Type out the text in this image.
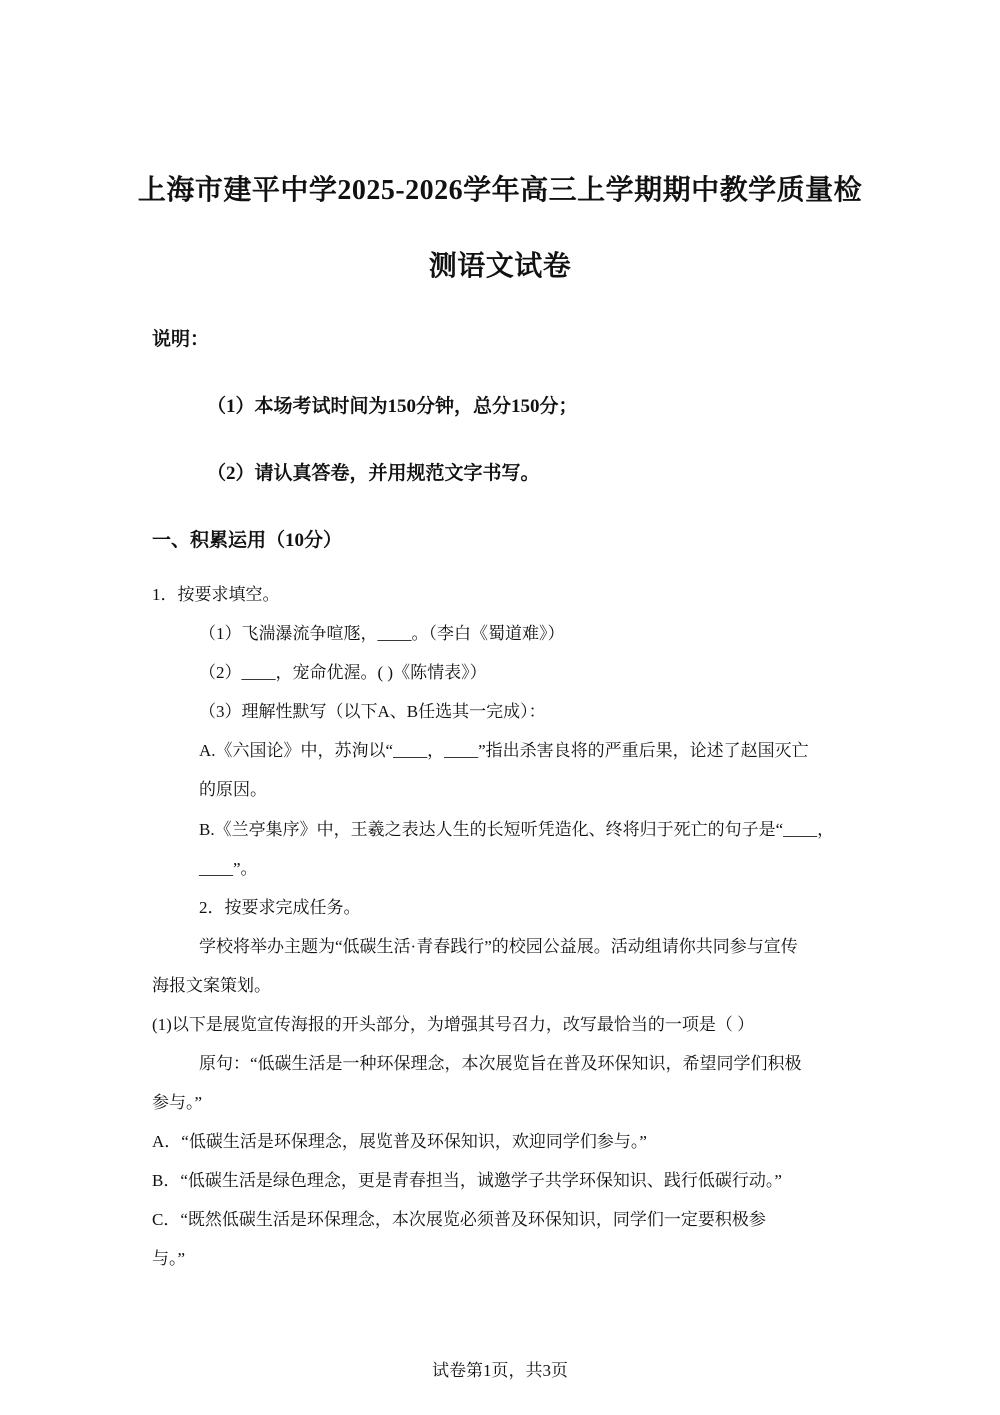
上海市建平中学2025-2026学年高三上学期期中教学质量检
测语文试卷
说明：
（1）本场考试时间为150分钟，总分150分；
（2）请认真答卷，并用规范文字书写。
一、积累运用（10分）
1．按要求填空。
（1）飞湍瀑流争喧豗，____。（李白《蜀道难》）
（2）____，宠命优渥。( )《陈情表》）
（3）理解性默写（以下A、B任选其一完成）：
A.《六国论》中，苏洵以“____，____”指出杀害良将的严重后果，论述了赵国灭亡
的原因。
B.《兰亭集序》中，王羲之表达人生的长短听凭造化、终将归于死亡的句子是“____，
____”。
2．按要求完成任务。
学校将举办主题为“低碳生活·青春践行”的校园公益展。活动组请你共同参与宣传
海报文案策划。
(1)以下是展览宣传海报的开头部分，为增强其号召力，改写最恰当的一项是（ ）
原句：“低碳生活是一种环保理念，本次展览旨在普及环保知识，希望同学们积极
参与。”
A．“低碳生活是环保理念，展览普及环保知识，欢迎同学们参与。”
B．“低碳生活是绿色理念，更是青春担当，诚邀学子共学环保知识、践行低碳行动。”
C．“既然低碳生活是环保理念，本次展览必须普及环保知识，同学们一定要积极参
与。”
试卷第1页，共3页
